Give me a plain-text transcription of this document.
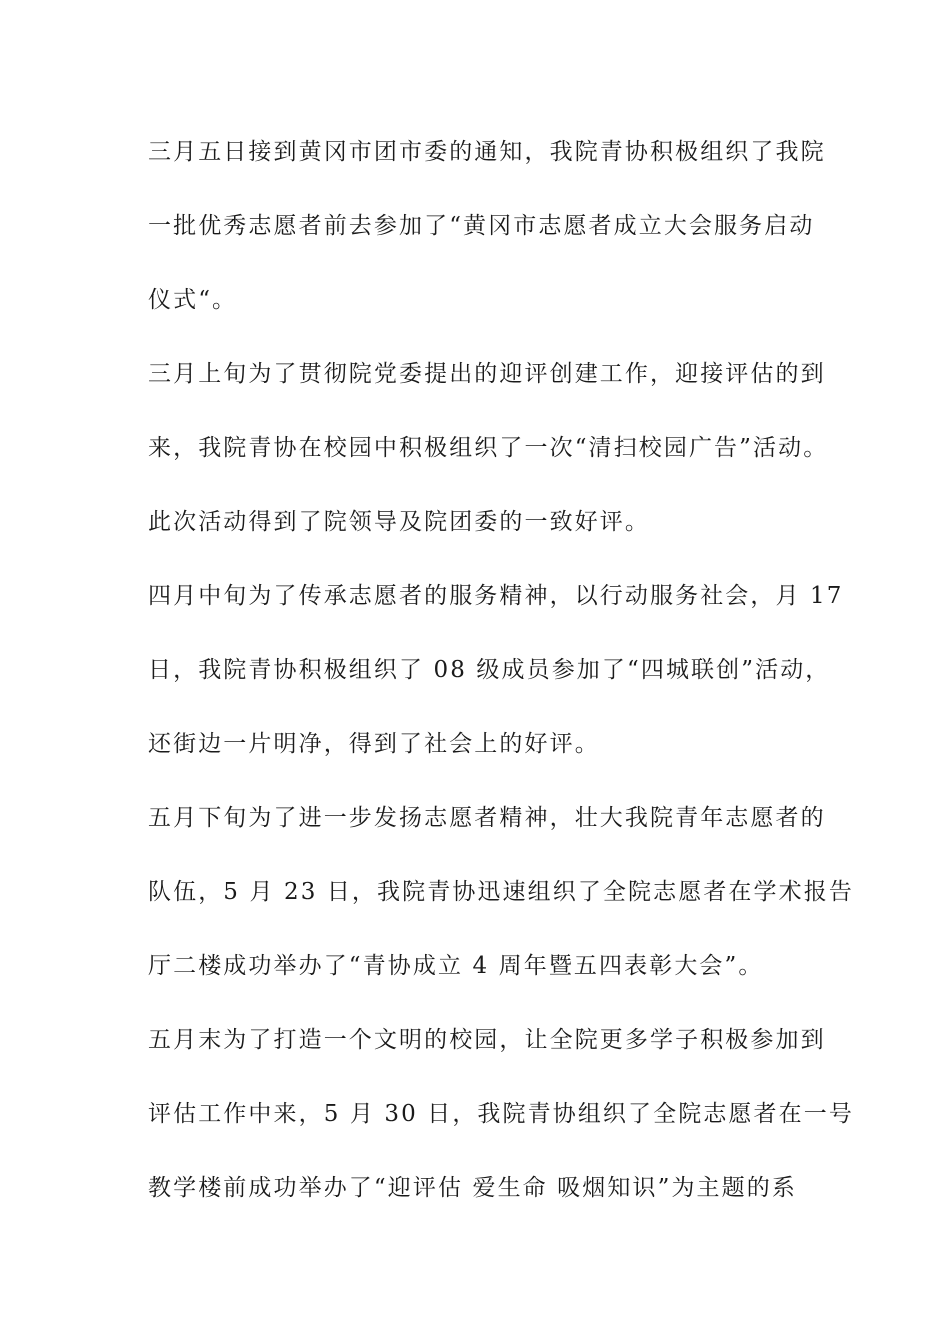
三月五日接到黄冈市团市委的通知，我院青协积极组织了我院

一批优秀志愿者前去参加了“黄冈市志愿者成立大会服务启动

仪式“。

三月上旬为了贯彻院党委提出的迎评创建工作，迎接评估的到

来，我院青协在校园中积极组织了一次“清扫校园广告”活动。

此次活动得到了院领导及院团委的一致好评。

四月中旬为了传承志愿者的服务精神，以行动服务社会，月 17

日，我院青协积极组织了 08 级成员参加了“四城联创”活动，

还街边一片明净，得到了社会上的好评。

五月下旬为了进一步发扬志愿者精神，壮大我院青年志愿者的

队伍，5 月 23 日，我院青协迅速组织了全院志愿者在学术报告

厅二楼成功举办了“青协成立 4 周年暨五四表彰大会”。

五月末为了打造一个文明的校园，让全院更多学子积极参加到

评估工作中来，5 月 30 日，我院青协组织了全院志愿者在一号

教学楼前成功举办了“迎评估 爱生命 吸烟知识”为主题的系
